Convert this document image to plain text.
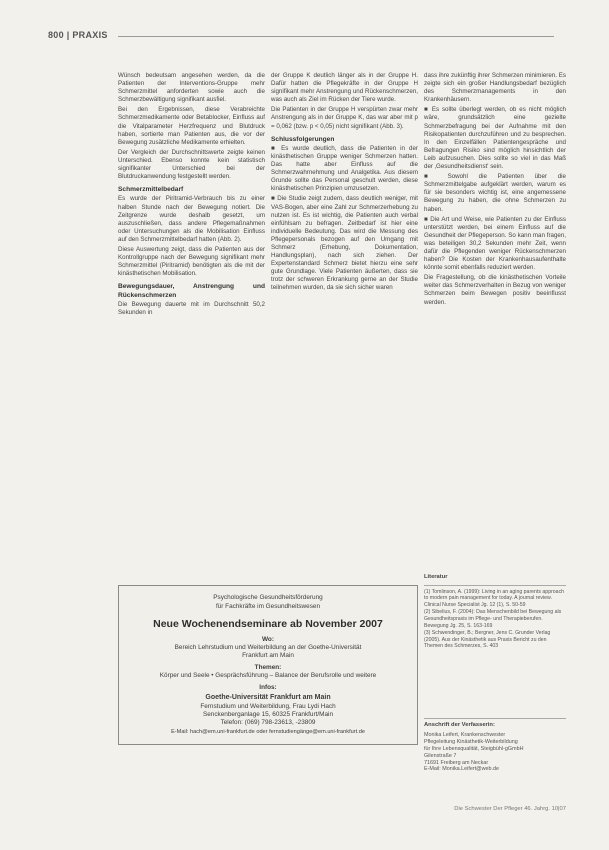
800 | PRAXIS

Wünsch bedeutsam angesehen werden, da die Patienten der Interventions-Gruppe mehr Schmerzmittel anforderten sowie auch die Schmerzbewältigung signifikant ausfiel.

Bei den Ergebnissen, diese Verabreichte Schmerzmedikamente oder Betablocker, Einfluss auf die Vitalparameter Herzfrequenz und Blutdruck haben, sortierte man Patienten aus, die vor der Bewegung zusätzliche Medikamente erhielten.

Der Vergleich der Durchschnittswerte zeigte keinen Unterschied. Ebenso konnte kein statistisch signifikanter Unterschied bei der Blutdruckanwendung festgestellt werden.

Schmerzmittelbedarf

Es wurde der Piritramid-Verbrauch bis zu einer halben Stunde nach der Bewegung notiert. Die Zeitgrenze wurde deshalb gesetzt, um auszuschließen, dass andere Pflegemaßnahmen oder Untersuchungen als die Mobilisation Einfluss auf den Schmerzmittelbedarf hatten (Abb. 2).

Diese Auswertung zeigt, dass die Patienten aus der Kontrollgruppe nach der Bewegung signifikant mehr Schmerzmittel (Piritramid) benötigten als die mit der kinästhetischen Mobilisation.

Bewegungsdauer, Anstrengung und Rückenschmerzen

Die Bewegung dauerte mit im Durchschnitt 50,2 Sekunden in

der Gruppe K deutlich länger als in der Gruppe H. Dafür hatten die Pflegekräfte in der Gruppe H signifikant mehr Anstrengung und Rückenschmerzen, was auch als Ziel im Rücken der Tiere wurde.

Die Patienten in der Gruppe H verspürten zwar mehr Anstrengung als in der Gruppe K, das war aber mit p = 0,062 (bzw. p < 0,05) nicht signifikant (Abb. 3).

Schlussfolgerungen

■ Es wurde deutlich, dass die Patienten in der kinästhetischen Gruppe weniger Schmerzen hatten. Das hatte aber Einfluss auf die Schmerzwahrnehmung und Analgetika. Aus diesem Grunde sollte das Personal geschult werden, diese kinästhetischen Prinzipien umzusetzen.

■ Die Studie zeigt zudem, dass deutlich weniger, mit VAS-Bogen, aber eine Zahl zur Schmerzerhebung zu nutzen ist. Es ist wichtig, die Patienten auch verbal einfühlsam zu befragen. Zeitbedarf ist hier eine individuelle Bedeutung. Das wird die Messung des Pflegepersonals bezogen auf den Umgang mit Schmerz (Erhebung, Dokumentation, Handlungsplan), nach sich ziehen. Der Expertenstandard Schmerz bietet hierzu eine sehr gute Grundlage. Viele Patienten äußerten, dass sie trotz der schweren Erkrankung gerne an der Studie teilnehmen wurden, da sie sich sicher waren

dass ihre zukünftig ihrer Schmerzen minimieren. Es zeigte sich ein großer Handlungsbedarf bezüglich des Schmerzmanagements in den Krankenhäusern.

■ Es sollte überlegt werden, ob es nicht möglich wäre, grundsätzlich eine gezielte Schmerzbefragung bei der Aufnahme mit den Risikopatienten durchzuführen und zu besprechen. In den Einzelfällen Patientengespräche und Befragungen Risiko sind möglich hinsichtlich der Leib aufzusuchen. Dies sollte so viel in das Maß der ‚Gesundheitsdienst' sein.

■ Sowohl die Patienten über die Schmerzmittelgabe aufgeklärt werden, warum es für sie besonders wichtig ist, eine angemessene Bewegung zu haben, die ohne Schmerzen zu haben.

■ Die Art und Weise, wie Patienten zu der Einfluss unterstützt werden, bei einem Einfluss auf die Gesundheit der Pflegeperson. So kann man fragen, was beteiligen 30,2 Sekunden mehr Zeit, wenn dafür die Pflegenden weniger Rückenschmerzen haben? Die Kosten der Krankenhausaufenthalte könnte somit ebenfalls reduziert werden.

Die Fragestellung, ob die kinästhetischen Vorteile weiter das Schmerzverhalten in Bezug von weniger Schmerzen beim Bewegen positiv beeinflusst werden.

Psychologische Gesundheitsförderung
für Fachkräfte im Gesundheitswesen
Neue Wochenendseminare ab November 2007
Wo:
Bereich Lehrstudium und Weiterbildung an der Goethe-Universität
Frankfurt am Main
Themen:
Körper und Seele • Gesprächsführung – Balance der Berufsrolle und weitere
Infos:
Goethe-Universität Frankfurt am Main
Fernstudium und Weiterbildung, Frau Lydi Hach
Senckenberganlage 15, 60325 Frankfurt/Main
Telefon: (069) 798-23613, -23809
E-Mail: hach@em.uni-frankfurt.de oder fernstudiengänge@em.uni-frankfurt.de
Literatur

(1) Tomlinson, A. (1999): Living in an aging parents approach to modern pain management for today. A journal review. Clinical Nurse Specialist Jg. 12 (1), S. 50-59

(2) Sibelius, F. (2004): Das Menschenbild bei Bewegung als Gesundheitspraxis im Pflege- und Therapieberufen. Bewegung Jg. 25, S. 163-169

(3) Schwendinger, B.; Bergner, Jens C. Grunder Verlag (2005). Aus der Kinästhetik aus Praxis Bericht zu den Themen des Schmerzes, S. 403

Anschrift der Verfasserin:
Monika Leifert, Krankenschwester
Pflegeleitung Kinästhetik-Weiterbildung
für Ihre Lebensqualität, Steigbühl-gGmbH
Gilenstraße 7
71691 Freiberg am Neckar
E-Mail: Monika.Leifert@web.de
Die Schwester Der Pfleger 46. Jahrg. 10|07
